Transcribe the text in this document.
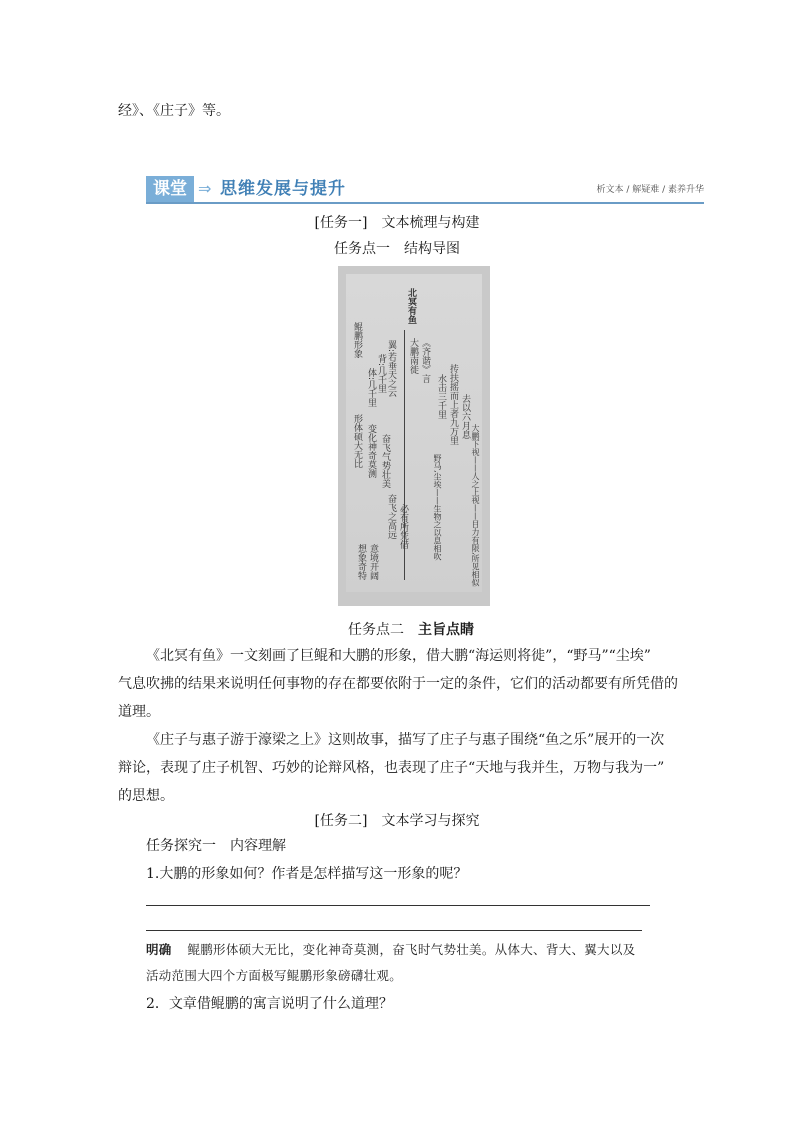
经》、《庄子》等。
课堂 ⇒ 思维发展与提升	析文本 / 解疑难 / 素养升华
[任务一]　文本梳理与构建
任务点一　结构导图
北冥有鱼
大鹏南徙
鲲鹏形象
体:几千里 背:几千里 翼:若垂天之云
形体硕大无比 变化神奇莫测 奋飞气势壮美
《齐谐》言
水击三千里 抟扶摇而上者九万里 去以六月息
奋飞之高远 必有所凭借	野马,尘埃——生物之以息相吹	大鹏下视——人之上视——目力有限,所见相似
想象奇特 意境开阔
任务点二　主旨点睛
《北冥有鱼》一文刻画了巨鲲和大鹏的形象，借大鹏“海运则将徙”，“野马”“尘埃”
气息吹拂的结果来说明任何事物的存在都要依附于一定的条件，它们的活动都要有所凭借的
道理。
《庄子与惠子游于濠梁之上》这则故事，描写了庄子与惠子围绕“鱼之乐”展开的一次
辩论，表现了庄子机智、巧妙的论辩风格，也表现了庄子“天地与我并生，万物与我为一”
的思想。
[任务二]　文本学习与探究
任务探究一　内容理解
1.大鹏的形象如何？作者是怎样描写这一形象的呢？
明确 鲲鹏形体硕大无比，变化神奇莫测，奋飞时气势壮美。从体大、背大、翼大以及
活动范围大四个方面极写鲲鹏形象磅礴壮观。
2．文章借鲲鹏的寓言说明了什么道理？
